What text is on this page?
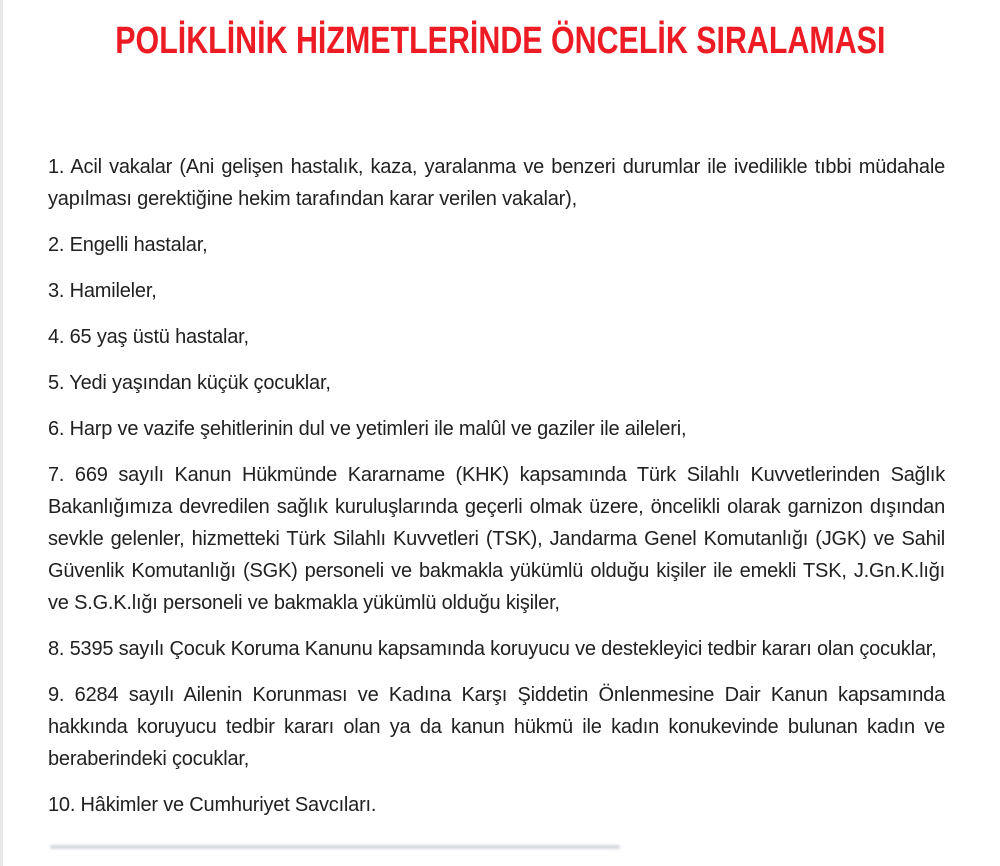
POLİKLİNİK HİZMETLERİNDE ÖNCELİK SIRALAMASI

1. Acil vakalar (Ani gelişen hastalık, kaza, yaralanma ve benzeri durumlar ile ivedilikle tıbbi müdahale yapılması gerektiğine hekim tarafından karar verilen vakalar),

2. Engelli hastalar,

3. Hamileler,

4. 65 yaş üstü hastalar,

5. Yedi yaşından küçük çocuklar,

6. Harp ve vazife şehitlerinin dul ve yetimleri ile malûl ve gaziler ile aileleri,

7. 669 sayılı Kanun Hükmünde Kararname (KHK) kapsamında Türk Silahlı Kuvvetlerinden Sağlık Bakanlığımıza devredilen sağlık kuruluşlarında geçerli olmak üzere, öncelikli olarak garnizon dışından sevkle gelenler, hizmetteki Türk Silahlı Kuvvetleri (TSK), Jandarma Genel Komutanlığı (JGK) ve Sahil Güvenlik Komutanlığı (SGK) personeli ve bakmakla yükümlü olduğu kişiler ile emekli TSK, J.Gn.K.lığı ve S.G.K.lığı personeli ve bakmakla yükümlü olduğu kişiler,

8. 5395 sayılı Çocuk Koruma Kanunu kapsamında koruyucu ve destekleyici tedbir kararı olan çocuklar,

9. 6284 sayılı Ailenin Korunması ve Kadına Karşı Şiddetin Önlenmesine Dair Kanun kapsamında hakkında koruyucu tedbir kararı olan ya da kanun hükmü ile kadın konukevinde bulunan kadın ve beraberindeki çocuklar,

10. Hâkimler ve Cumhuriyet Savcıları.
